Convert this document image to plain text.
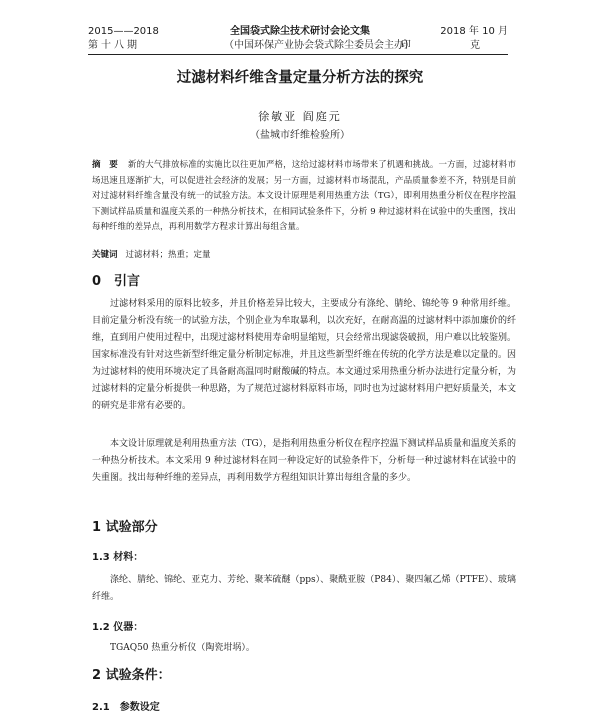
2015——2018
第十八期
全国袋式除尘技术研讨会论文集
（中国环保产业协会袋式除尘委员会主办）
2018 年 10 月
印 克
过滤材料纤维含量定量分析方法的探究
徐敏亚 阎庭元
（盐城市纤维检验所）
摘　要 新的大气排放标准的实施比以往更加严格，这给过滤材料市场带来了机遇和挑战。一方面，过滤材料市场迅速且逐渐扩大，可以促进社会经济的发展；另一方面，过滤材料市场混乱，产品质量参差不齐，特别是目前对过滤材料纤维含量没有统一的试验方法。本文设计原理是利用热重方法（TG），即利用热重分析仪在程序控温下测试样品质量和温度关系的一种热分析技术，在相同试验条件下，分析 9 种过滤材料在试验中的失重图，找出每种纤维的差异点，再利用数学方程求计算出每组含量。
关键词 过滤材料；热重；定量
0　引言
过滤材料采用的原料比较多，并且价格差异比较大，主要成分有涤纶、腈纶、锦纶等 9 种常用纤维。目前定量分析没有统一的试验方法，个别企业为牟取暴利，以次充好，在耐高温的过滤材料中添加廉价的纤维，直到用户使用过程中，出现过滤材料使用寿命明显缩短，只会经常出现滤袋破损，用户难以比较鉴别。国家标准没有针对这些新型纤维定量分析制定标准，并且这些新型纤维在传统的化学方法是难以定量的。因为过滤材料的使用环境决定了具备耐高温同时耐酸碱的特点。本文通过采用热重分析办法进行定量分析，为过滤材料的定量分析提供一种思路，为了规范过滤材料原料市场，同时也为过滤材料用户把好质量关，本文的研究是非常有必要的。
本文设计原理就是利用热重方法（TG），是指利用热重分析仪在程序控温下测试样品质量和温度关系的一种热分析技术。本文采用 9 种过滤材料在同一种设定好的试验条件下，分析每一种过滤材料在试验中的失重图。找出每种纤维的差异点，再利用数学方程组知识计算出每组含量的多少。
1 试验部分
1.3 材料：
涤纶、腈纶、锦纶、亚克力、芳纶、聚苯硫醚（pps）、聚酰亚胺（P84）、聚四氟乙烯（PTFE）、玻璃纤维。
1.2 仪器：
TGAQ50 热重分析仪（陶瓷坩埚）。
2 试验条件：
2.1　参数设定
